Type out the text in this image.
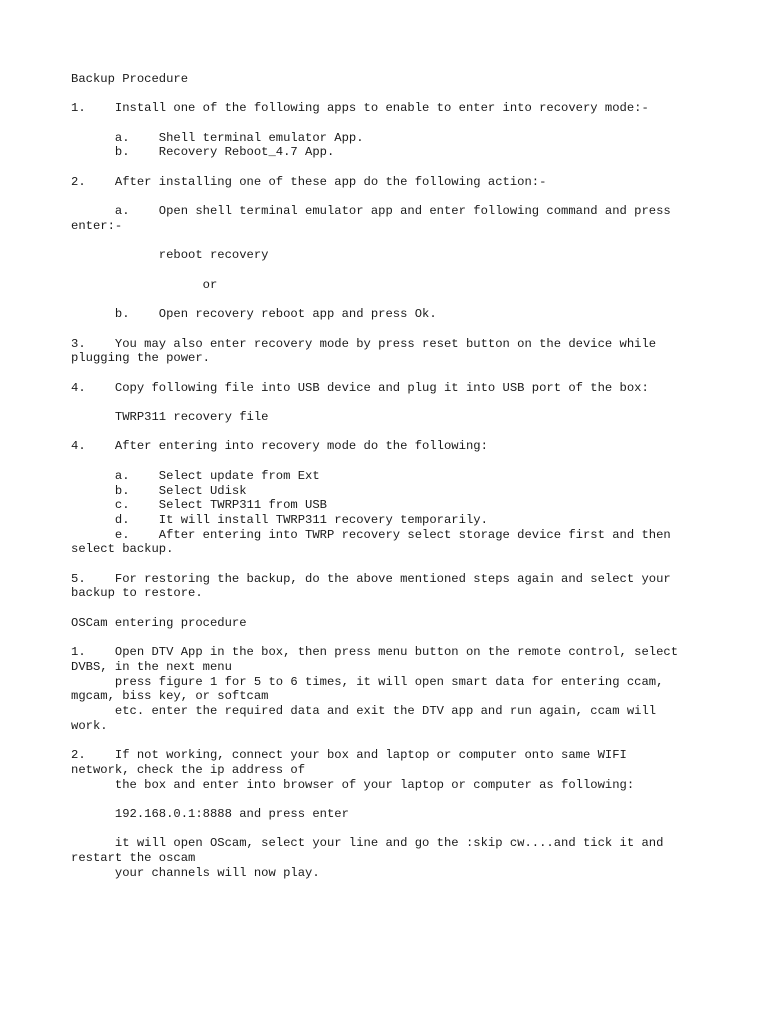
Backup Procedure
1.    Install one of the following apps to enable to enter into recovery mode:-
a.    Shell terminal emulator App.
b.    Recovery Reboot_4.7 App.
2.    After installing one of these app do the following action:-
a.    Open shell terminal emulator app and enter following command and press
enter:-
reboot recovery
or
b.    Open recovery reboot app and press Ok.
3.    You may also enter recovery mode by press reset button on the device while
plugging the power.
4.    Copy following file into USB device and plug it into USB port of the box:
TWRP311 recovery file
4.    After entering into recovery mode do the following:
a.    Select update from Ext
b.    Select Udisk
c.    Select TWRP311 from USB
d.    It will install TWRP311 recovery temporarily.
e.    After entering into TWRP recovery select storage device first and then
select backup.
5.    For restoring the backup, do the above mentioned steps again and select your
backup to restore.
OSCam entering procedure
1.    Open DTV App in the box, then press menu button on the remote control, select
DVBS, in the next menu
press figure 1 for 5 to 6 times, it will open smart data for entering ccam,
mgcam, biss key, or softcam
etc. enter the required data and exit the DTV app and run again, ccam will
work.
2.    If not working, connect your box and laptop or computer onto same WIFI
network, check the ip address of
the box and enter into browser of your laptop or computer as following:
192.168.0.1:8888 and press enter
it will open OScam, select your line and go the :skip cw....and tick it and
restart the oscam
your channels will now play.
